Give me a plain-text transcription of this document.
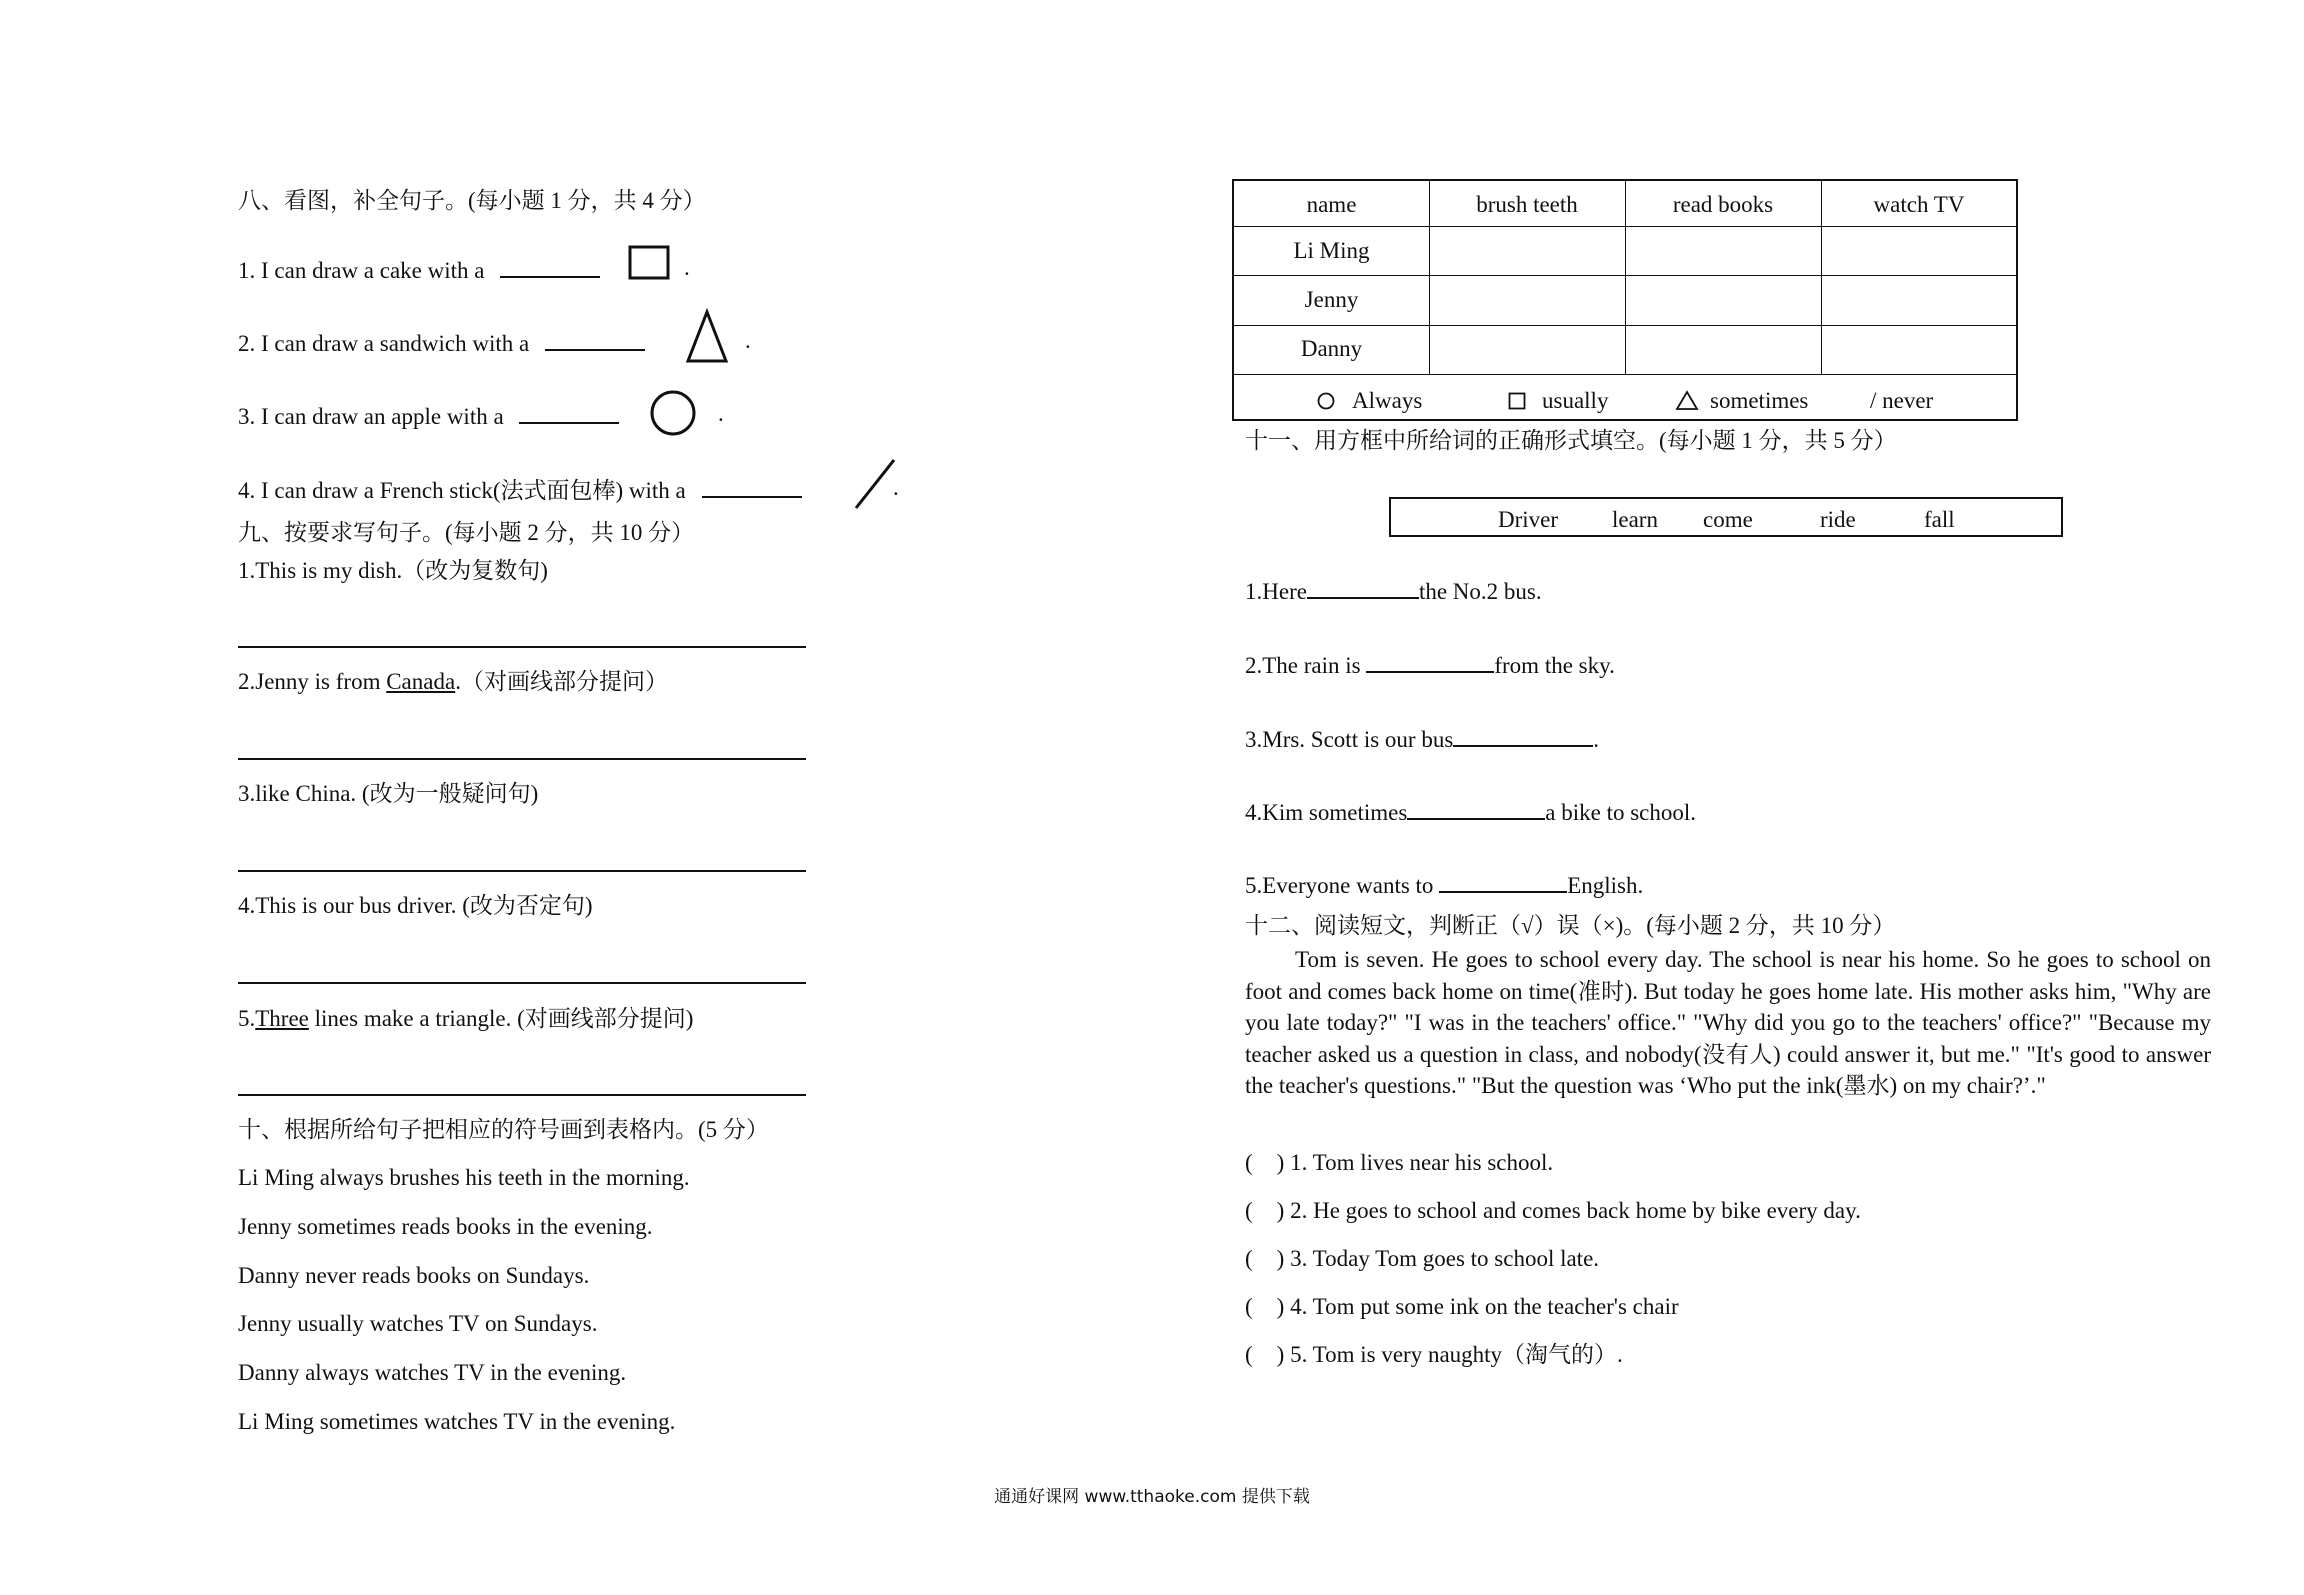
八、看图，补全句子。(每小题 1 分，共 4 分）
1. I can draw a cake with a	.
2. I can draw a sandwich with a	.
3. I can draw an apple with a	.
4. I can draw a French stick(法式面包棒) with a	.
九、按要求写句子。(每小题 2 分，共 10 分）
1.This is my dish.（改为复数句)
2.Jenny is from Canada.（对画线部分提问）
3.like China. (改为一般疑问句)
4.This is our bus driver. (改为否定句)
5.Three lines make a triangle. (对画线部分提问)
十、根据所给句子把相应的符号画到表格内。(5 分）
Li Ming always brushes his teeth in the morning.
Jenny sometimes reads books in the evening.
Danny never reads books on Sundays.
Jenny usually watches TV on Sundays.
Danny always watches TV in the evening.
Li Ming sometimes watches TV in the evening.
name	brush teeth	read books	watch TV
Li Ming
Jenny
Danny
Always	usually	sometimes	/ never
十一、用方框中所给词的正确形式填空。(每小题 1 分，共 5 分）
Driver learn come	ride	fall
1.Here	the No.2 bus.
2.The rain is	from the sky.
3.Mrs. Scott is our bus	.
4.Kim sometimes	a bike to school.
5.Everyone wants to	English.
十二、阅读短文，判断正（√）误（×)。(每小题 2 分，共 10 分）
Tom is seven. He goes to school every day. The school is near his home. So he goes to school on foot and comes back home on time(准时). But today he goes home late. His mother asks him, "Why are you late today?" "I was in the teachers' office." "Why did you go to the teachers' office?" "Because my teacher asked us a question in class, and nobody(没有人) could answer it, but me." "It's good to answer the teacher's questions." "But the question was ‘Who put the ink(墨水) on my chair?’."
( ) 1. Tom lives near his school.
( ) 2. He goes to school and comes back home by bike every day.
( ) 3. Today Tom goes to school late.
( ) 4. Tom put some ink on the teacher's chair
( ) 5. Tom is very naughty（淘气的）.
通通好课网 www.tthaoke.com 提供下载
